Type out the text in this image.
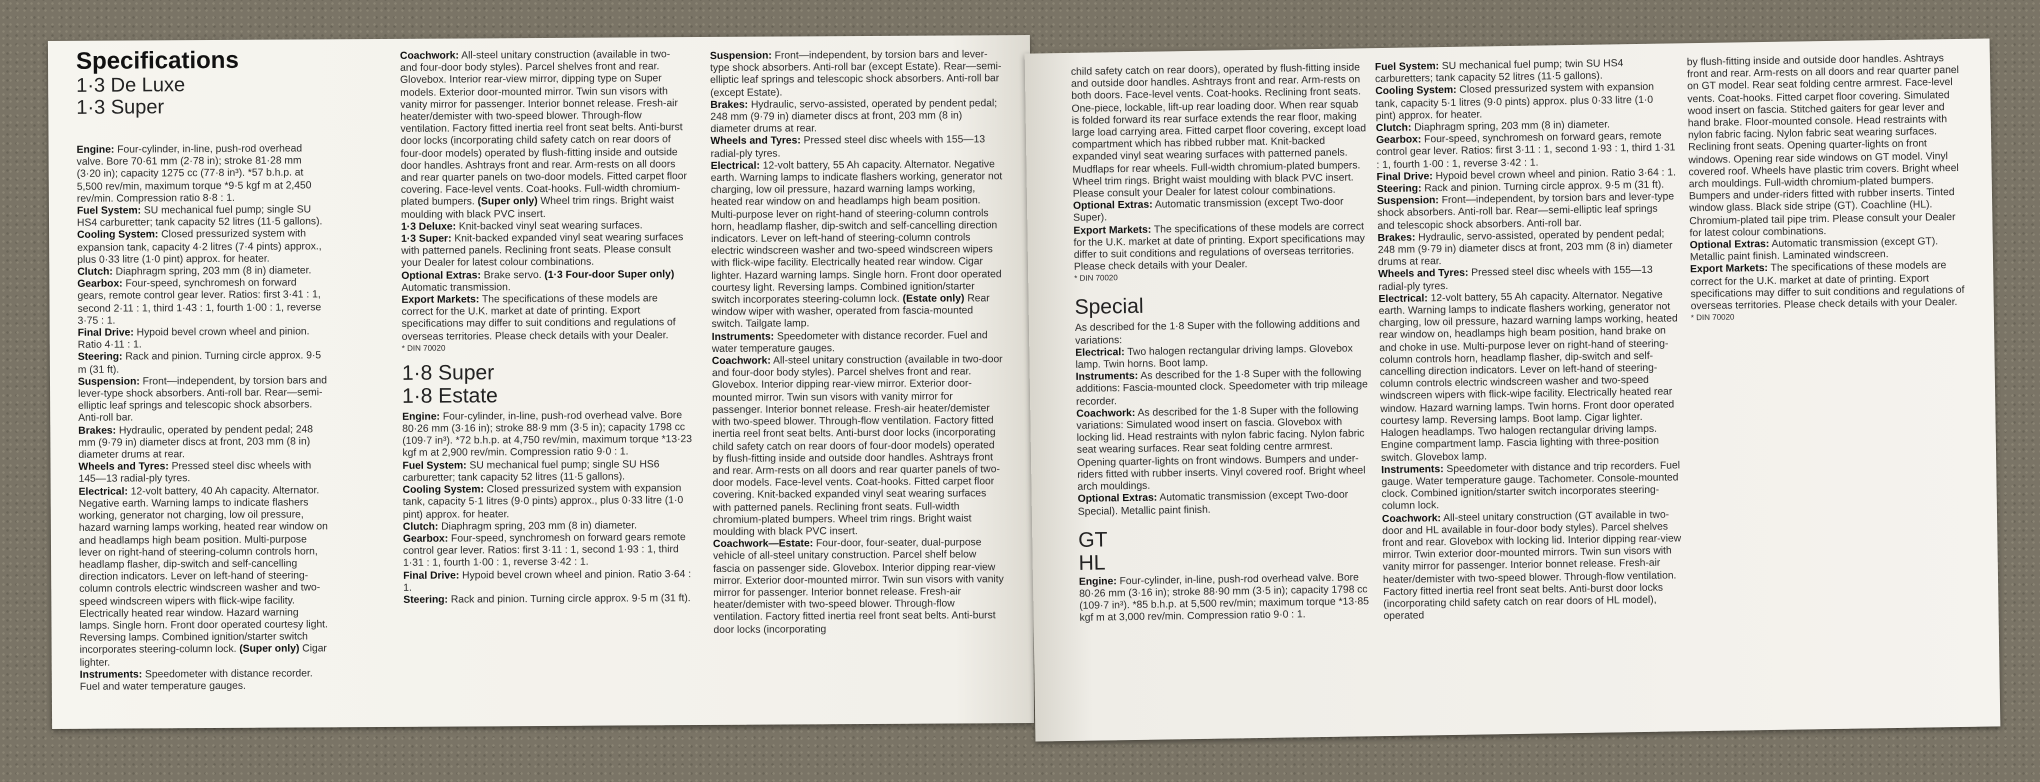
Specifications

1·3 De Luxe

1·3 Super

Engine: Four-cylinder, in-line, push-rod overhead valve. Bore 70·61 mm (2·78 in); stroke 81·28 mm (3·20 in); capacity 1275 cc (77·8 in³). *57 b.h.p. at 5,500 rev/min, maximum torque *9·5 kgf m at 2,450 rev/min. Compression ratio 8·8 : 1.

Fuel System: SU mechanical fuel pump; single SU HS4 carburetter; tank capacity 52 litres (11·5 gallons).

Cooling System: Closed pressurized system with expansion tank, capacity 4·2 litres (7·4 pints) approx., plus 0·33 litre (1·0 pint) approx. for heater.

Clutch: Diaphragm spring, 203 mm (8 in) diameter.

Gearbox: Four-speed, synchromesh on forward gears, remote control gear lever. Ratios: first 3·41 : 1, second 2·11 : 1, third 1·43 : 1, fourth 1·00 : 1, reverse 3·75 : 1.

Final Drive: Hypoid bevel crown wheel and pinion. Ratio 4·11 : 1.

Steering: Rack and pinion. Turning circle approx. 9·5 m (31 ft).

Suspension: Front—independent, by torsion bars and lever-type shock absorbers. Anti-roll bar. Rear—semi-elliptic leaf springs and telescopic shock absorbers. Anti-roll bar.

Brakes: Hydraulic, operated by pendent pedal; 248 mm (9·79 in) diameter discs at front, 203 mm (8 in) diameter drums at rear.

Wheels and Tyres: Pressed steel disc wheels with 145—13 radial-ply tyres.

Electrical: 12-volt battery, 40 Ah capacity. Alternator. Negative earth. Warning lamps to indicate flashers working, generator not charging, low oil pressure, hazard warning lamps working, heated rear window on and headlamps high beam position. Multi-purpose lever on right-hand of steering-column controls horn, headlamp flasher, dip-switch and self-cancelling direction indicators. Lever on left-hand of steering-column controls electric windscreen washer and two-speed windscreen wipers with flick-wipe facility. Electrically heated rear window. Hazard warning lamps. Single horn. Front door operated courtesy light. Reversing lamps. Combined ignition/starter switch incorporates steering-column lock. (Super only) Cigar lighter.

Instruments: Speedometer with distance recorder. Fuel and water temperature gauges.

Coachwork: All-steel unitary construction (available in two- and four-door body styles). Parcel shelves front and rear. Glovebox. Interior rear-view mirror, dipping type on Super models. Exterior door-mounted mirror. Twin sun visors with vanity mirror for passenger. Interior bonnet release. Fresh-air heater/demister with two-speed blower. Through-flow ventilation. Factory fitted inertia reel front seat belts. Anti-burst door locks (incorporating child safety catch on rear doors of four-door models) operated by flush-fitting inside and outside door handles. Ashtrays front and rear. Arm-rests on all doors and rear quarter panels on two-door models. Fitted carpet floor covering. Face-level vents. Coat-hooks. Full-width chromium-plated bumpers. (Super only) Wheel trim rings. Bright waist moulding with black PVC insert.

1·3 Deluxe: Knit-backed vinyl seat wearing surfaces.

1·3 Super: Knit-backed expanded vinyl seat wearing surfaces with patterned panels. Reclining front seats. Please consult your Dealer for latest colour combinations.

Optional Extras: Brake servo. (1·3 Four-door Super only) Automatic transmission.

Export Markets: The specifications of these models are correct for the U.K. market at date of printing. Export specifications may differ to suit conditions and regulations of overseas territories. Please check details with your Dealer.

* DIN 70020

1·8 Super

1·8 Estate

Engine: Four-cylinder, in-line, push-rod overhead valve. Bore 80·26 mm (3·16 in); stroke 88·9 mm (3·5 in); capacity 1798 cc (109·7 in³). *72 b.h.p. at 4,750 rev/min, maximum torque *13·23 kgf m at 2,900 rev/min. Compression ratio 9·0 : 1.

Fuel System: SU mechanical fuel pump; single SU HS6 carburetter; tank capacity 52 litres (11·5 gallons).

Cooling System: Closed pressurized system with expansion tank, capacity 5·1 litres (9·0 pints) approx., plus 0·33 litre (1·0 pint) approx. for heater.

Clutch: Diaphragm spring, 203 mm (8 in) diameter.

Gearbox: Four-speed, synchromesh on forward gears remote control gear lever. Ratios: first 3·11 : 1, second 1·93 : 1, third 1·31 : 1, fourth 1·00 : 1, reverse 3·42 : 1.

Final Drive: Hypoid bevel crown wheel and pinion. Ratio 3·64 : 1.

Steering: Rack and pinion. Turning circle approx. 9·5 m (31 ft).

Suspension: Front—independent, by torsion bars and lever-type shock absorbers. Anti-roll bar (except Estate). Rear—semi-elliptic leaf springs and telescopic shock absorbers. Anti-roll bar (except Estate).

Brakes: Hydraulic, servo-assisted, operated by pendent pedal; 248 mm (9·79 in) diameter discs at front, 203 mm (8 in) diameter drums at rear.

Wheels and Tyres: Pressed steel disc wheels with 155—13 radial-ply tyres.

Electrical: 12-volt battery, 55 Ah capacity. Alternator. Negative earth. Warning lamps to indicate flashers working, generator not charging, low oil pressure, hazard warning lamps working, heated rear window on and headlamps high beam position. Multi-purpose lever on right-hand of steering-column controls horn, headlamp flasher, dip-switch and self-cancelling direction indicators. Lever on left-hand of steering-column controls electric windscreen washer and two-speed windscreen wipers with flick-wipe facility. Electrically heated rear window. Cigar lighter. Hazard warning lamps. Single horn. Front door operated courtesy light. Reversing lamps. Combined ignition/starter switch incorporates steering-column lock. (Estate only) Rear window wiper with washer, operated from fascia-mounted switch. Tailgate lamp.

Instruments: Speedometer with distance recorder. Fuel and water temperature gauges.

Coachwork: All-steel unitary construction (available in two-door and four-door body styles). Parcel shelves front and rear. Glovebox. Interior dipping rear-view mirror. Exterior door-mounted mirror. Twin sun visors with vanity mirror for passenger. Interior bonnet release. Fresh-air heater/demister with two-speed blower. Through-flow ventilation. Factory fitted inertia reel front seat belts. Anti-burst door locks (incorporating child safety catch on rear doors of four-door models) operated by flush-fitting inside and outside door handles. Ashtrays front and rear. Arm-rests on all doors and rear quarter panels of two-door models. Face-level vents. Coat-hooks. Fitted carpet floor covering. Knit-backed expanded vinyl seat wearing surfaces with patterned panels. Reclining front seats. Full-width chromium-plated bumpers. Wheel trim rings. Bright waist moulding with black PVC insert.

Coachwork—Estate: Four-door, four-seater, dual-purpose vehicle of all-steel unitary construction. Parcel shelf below fascia on passenger side. Glovebox. Interior dipping rear-view mirror. Exterior door-mounted mirror. Twin sun visors with vanity mirror for passenger. Interior bonnet release. Fresh-air heater/demister with two-speed blower. Through-flow ventilation. Factory fitted inertia reel front seat belts. Anti-burst door locks (incorporating

child safety catch on rear doors), operated by flush-fitting inside and outside door handles. Ashtrays front and rear. Arm-rests on both doors. Face-level vents. Coat-hooks. Reclining front seats. One-piece, lockable, lift-up rear loading door. When rear squab is folded forward its rear surface extends the rear floor, making large load carrying area. Fitted carpet floor covering, except load compartment which has ribbed rubber mat. Knit-backed expanded vinyl seat wearing surfaces with patterned panels. Mudflaps for rear wheels. Full-width chromium-plated bumpers. Wheel trim rings. Bright waist moulding with black PVC insert. Please consult your Dealer for latest colour combinations.

Optional Extras: Automatic transmission (except Two-door Super).

Export Markets: The specifications of these models are correct for the U.K. market at date of printing. Export specifications may differ to suit conditions and regulations of overseas territories. Please check details with your Dealer.

* DIN 70020

Special

As described for the 1·8 Super with the following additions and variations:

Electrical: Two halogen rectangular driving lamps. Glovebox lamp. Twin horns. Boot lamp.

Instruments: As described for the 1·8 Super with the following additions: Fascia-mounted clock. Speedometer with trip mileage recorder.

Coachwork: As described for the 1·8 Super with the following variations: Simulated wood insert on fascia. Glovebox with locking lid. Head restraints with nylon fabric facing. Nylon fabric seat wearing surfaces. Rear seat folding centre armrest. Opening quarter-lights on front windows. Bumpers and under-riders fitted with rubber inserts. Vinyl covered roof. Bright wheel arch mouldings.

Optional Extras: Automatic transmission (except Two-door Special). Metallic paint finish.

GT

HL

Engine: Four-cylinder, in-line, push-rod overhead valve. Bore 80·26 mm (3·16 in); stroke 88·90 mm (3·5 in); capacity 1798 cc (109·7 in³). *85 b.h.p. at 5,500 rev/min; maximum torque *13·85 kgf m at 3,000 rev/min. Compression ratio 9·0 : 1.

Fuel System: SU mechanical fuel pump; twin SU HS4 carburetters; tank capacity 52 litres (11·5 gallons).

Cooling System: Closed pressurized system with expansion tank, capacity 5·1 litres (9·0 pints) approx. plus 0·33 litre (1·0 pint) approx. for heater.

Clutch: Diaphragm spring, 203 mm (8 in) diameter.

Gearbox: Four-speed, synchromesh on forward gears, remote control gear lever. Ratios: first 3·11 : 1, second 1·93 : 1, third 1·31 : 1, fourth 1·00 : 1, reverse 3·42 : 1.

Final Drive: Hypoid bevel crown wheel and pinion. Ratio 3·64 : 1.

Steering: Rack and pinion. Turning circle approx. 9·5 m (31 ft).

Suspension: Front—independent, by torsion bars and lever-type shock absorbers. Anti-roll bar. Rear—semi-elliptic leaf springs and telescopic shock absorbers. Anti-roll bar.

Brakes: Hydraulic, servo-assisted, operated by pendent pedal; 248 mm (9·79 in) diameter discs at front, 203 mm (8 in) diameter drums at rear.

Wheels and Tyres: Pressed steel disc wheels with 155—13 radial-ply tyres.

Electrical: 12-volt battery, 55 Ah capacity. Alternator. Negative earth. Warning lamps to indicate flashers working, generator not charging, low oil pressure, hazard warning lamps working, heated rear window on, headlamps high beam position, hand brake on and choke in use. Multi-purpose lever on right-hand of steering-column controls horn, headlamp flasher, dip-switch and self-cancelling direction indicators. Lever on left-hand of steering-column controls electric windscreen washer and two-speed windscreen wipers with flick-wipe facility. Electrically heated rear window. Hazard warning lamps. Twin horns. Front door operated courtesy lamp. Reversing lamps. Boot lamp. Cigar lighter. Halogen headlamps. Two halogen rectangular driving lamps. Engine compartment lamp. Fascia lighting with three-position switch. Glovebox lamp.

Instruments: Speedometer with distance and trip recorders. Fuel gauge. Water temperature gauge. Tachometer. Console-mounted clock. Combined ignition/starter switch incorporates steering-column lock.

Coachwork: All-steel unitary construction (GT available in two-door and HL available in four-door body styles). Parcel shelves front and rear. Glovebox with locking lid. Interior dipping rear-view mirror. Twin exterior door-mounted mirrors. Twin sun visors with vanity mirror for passenger. Interior bonnet release. Fresh-air heater/demister with two-speed blower. Through-flow ventilation. Factory fitted inertia reel front seat belts. Anti-burst door locks (incorporating child safety catch on rear doors of HL model), operated

by flush-fitting inside and outside door handles. Ashtrays front and rear. Arm-rests on all doors and rear quarter panel on GT model. Rear seat folding centre armrest. Face-level vents. Coat-hooks. Fitted carpet floor covering. Simulated wood insert on fascia. Stitched gaiters for gear lever and hand brake. Floor-mounted console. Head restraints with nylon fabric facing. Nylon fabric seat wearing surfaces. Reclining front seats. Opening quarter-lights on front windows. Opening rear side windows on GT model. Vinyl covered roof. Wheels have plastic trim covers. Bright wheel arch mouldings. Full-width chromium-plated bumpers. Bumpers and under-riders fitted with rubber inserts. Tinted window glass. Black side stripe (GT). Coachline (HL). Chromium-plated tail pipe trim. Please consult your Dealer for latest colour combinations.

Optional Extras: Automatic transmission (except GT). Metallic paint finish. Laminated windscreen.

Export Markets: The specifications of these models are correct for the U.K. market at date of printing. Export specifications may differ to suit conditions and regulations of overseas territories. Please check details with your Dealer.

* DIN 70020
